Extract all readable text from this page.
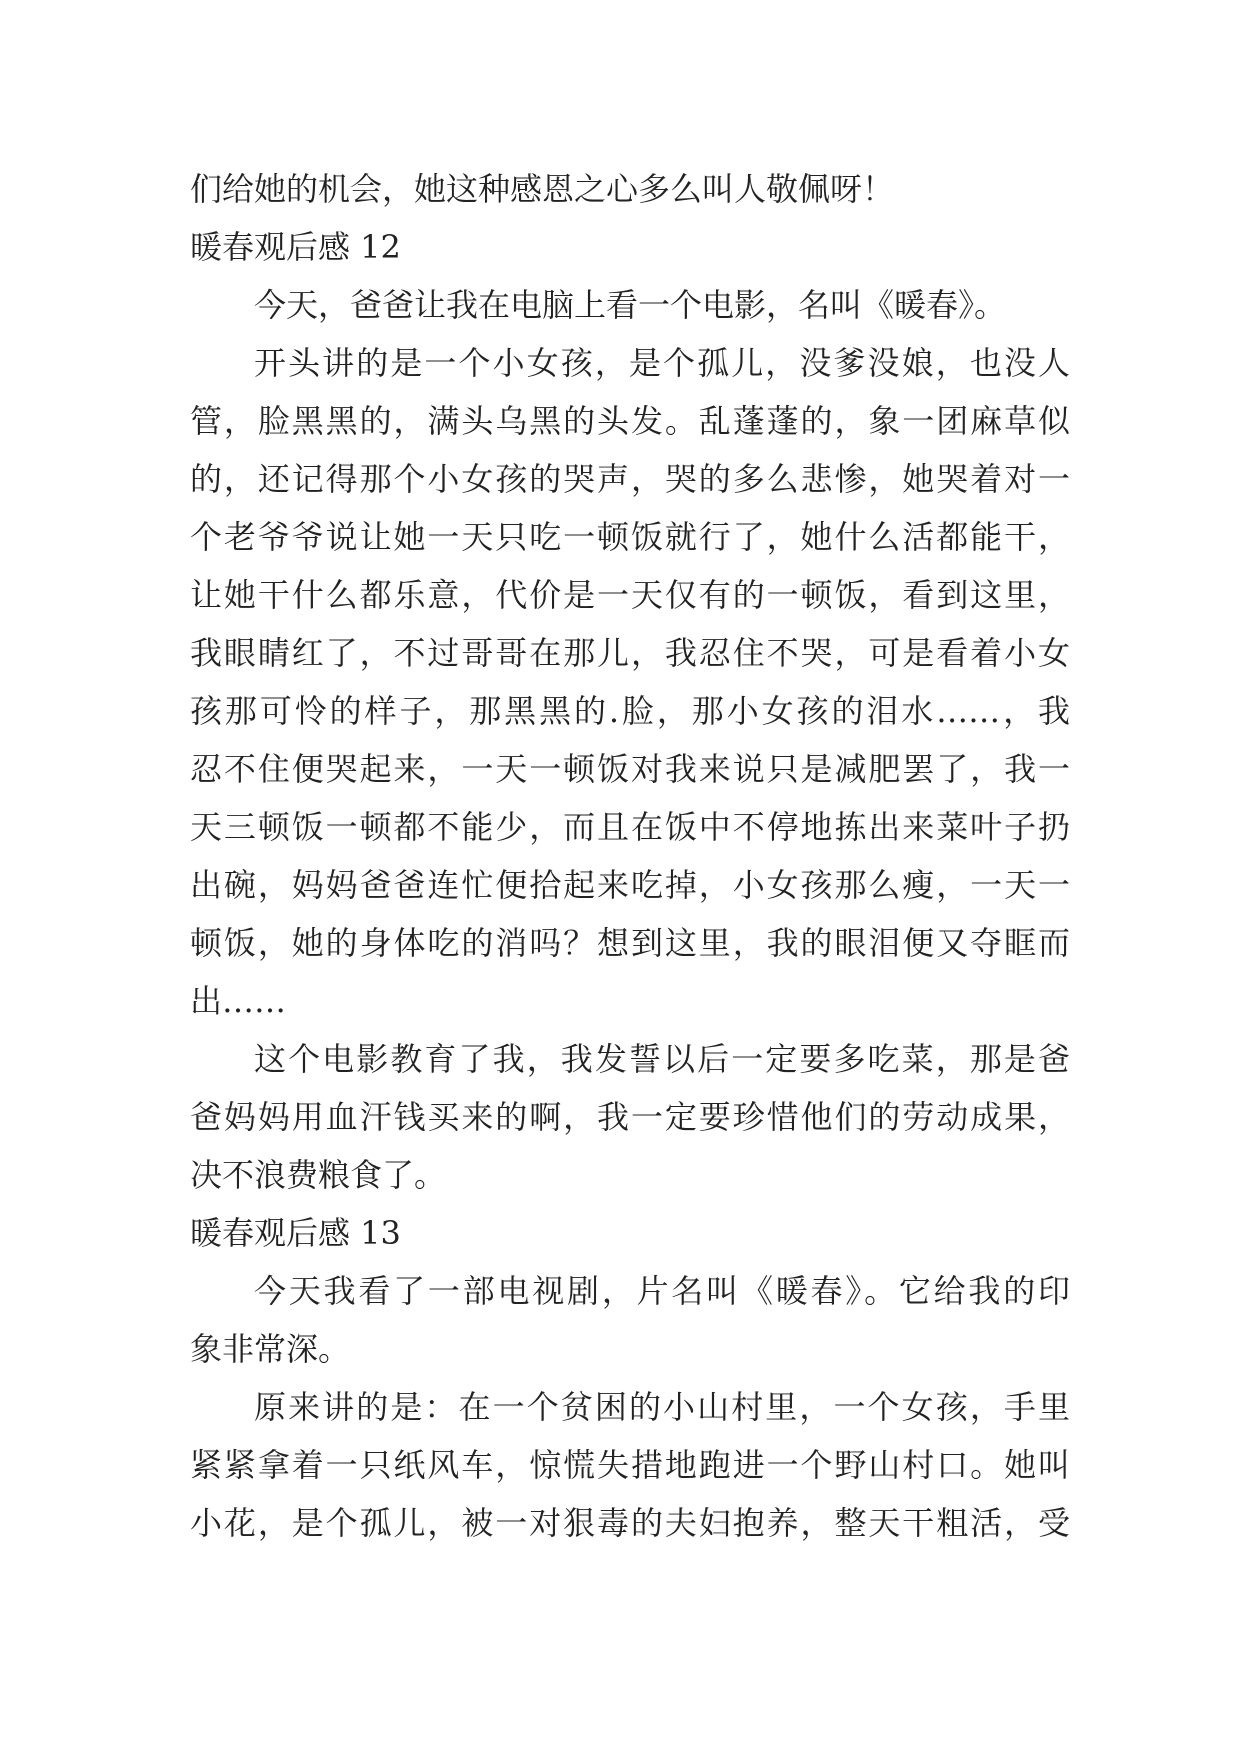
们给她的机会，她这种感恩之心多么叫人敬佩呀！
暖春观后感 12
今天，爸爸让我在电脑上看一个电影，名叫《暖春》。
开头讲的是一个小女孩，是个孤儿，没爹没娘，也没人
管，脸黑黑的，满头乌黑的头发。乱蓬蓬的，象一团麻草似
的，还记得那个小女孩的哭声，哭的多么悲惨，她哭着对一
个老爷爷说让她一天只吃一顿饭就行了，她什么活都能干，
让她干什么都乐意，代价是一天仅有的一顿饭，看到这里，
我眼睛红了，不过哥哥在那儿，我忍住不哭，可是看着小女
孩那可怜的样子，那黑黑的.脸，那小女孩的泪水……，我
忍不住便哭起来，一天一顿饭对我来说只是减肥罢了，我一
天三顿饭一顿都不能少，而且在饭中不停地拣出来菜叶子扔
出碗，妈妈爸爸连忙便拾起来吃掉，小女孩那么瘦，一天一
顿饭，她的身体吃的消吗？想到这里，我的眼泪便又夺眶而
出……
这个电影教育了我，我发誓以后一定要多吃菜，那是爸
爸妈妈用血汗钱买来的啊，我一定要珍惜他们的劳动成果，
决不浪费粮食了。
暖春观后感 13
今天我看了一部电视剧，片名叫《暖春》。它给我的印
象非常深。
原来讲的是：在一个贫困的小山村里，一个女孩，手里
紧紧拿着一只纸风车，惊慌失措地跑进一个野山村口。她叫
小花，是个孤儿，被一对狠毒的夫妇抱养，整天干粗活，受
